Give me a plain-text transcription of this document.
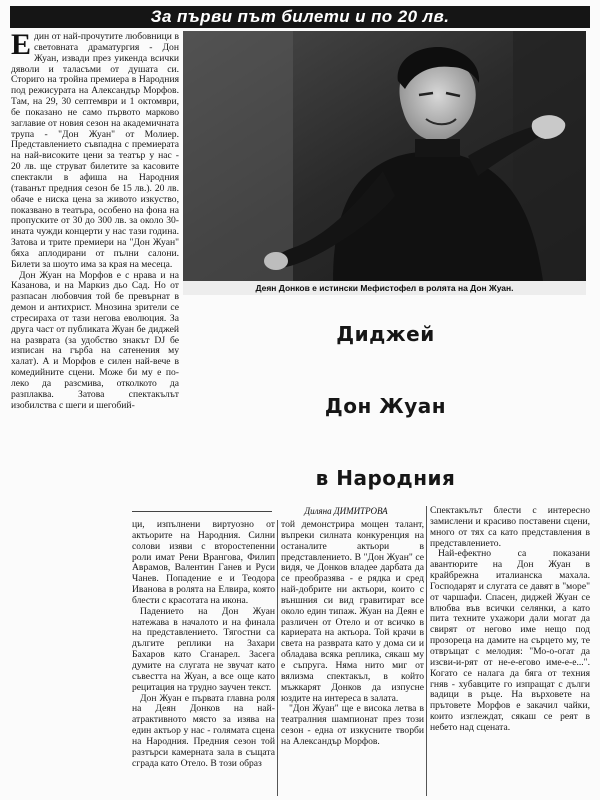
За първи път билети и по 20 лв.
Е дин от най-прочутите любовници в световната драматургия - Дон Жуан, извади през уикенда всички дяволи и таласъми от душата си. Сториго на тройна премиера в Народния под режисурата на Александър Морфов. Там, на 29, 30 септември и 1 октомври, бе показано не само първото марково заглавие от новия сезон на академичната трупа - "Дон Жуан" от Молиер. Представлението съвпадна с премиерата на най-високите цени за театър у нас - 20 лв. ще струват билетите за касовите спектакли в афиша на Народния (таванът предния сезон бе 15 лв.). 20 лв. обаче е ниска цена за живото изкуство, показвано в театъра, особено на фона на пропуските от 30 до 300 лв. за около 30-ината чужди концерти у нас тази година. Затова и трите премиери на "Дон Жуан" бяха аплодирани от пълни салони. Билети за шоуто има за края на месеца.

Дон Жуан на Морфов е с нрава и на Казанова, и на Маркиз дьо Сад. Но от разпасан любовчия той бе превърнат в демон и антихрист. Мнозина зрители се стресираха от тази негова еволюция. За друга част от публиката Жуан бе диджей на разврата (за удобство знакът DJ бе изписан на гърба на сатенения му халат). А и Морфов е силен най-вече в комедийните сцени. Може би му е по-леко да разсмива, отколкото да разплаква. Затова спектакълът изобилства с шеги и шегобий-

Деян Донков е истински Мефистофел в ролята на Дон Жуан.
Диджей
Дон Жуан
в Народния
Диляна ДИМИТРОВА

ци, изпълнени виртуозно от актьорите на Народния. Силни солови изяви с второстепенни роли имат Рени Врангова, Филип Аврамов, Валентин Ганев и Руси Чанев. Попадение е и Теодора Иванова в ролята на Елвира, която блести с красотата на икона.

Падението на Дон Жуан натежава в началото и на финала на представлението. Тягостни са дългите реплики на Захари Бахаров като Сганарел. Засега думите на слугата не звучат като съвестта на Жуан, а все още като рецитация на трудно заучен текст.

Дон Жуан е първата главна роля на Деян Донков на най-атрактивното място за изява на един актьор у нас - голямата сцена на Народния. Предния сезон той разтърси камерната зала в същата сграда като Отело. В този образ

той демонстрира мощен талант, въпреки силната конкуренция на останалите актьори в представлението. В "Дон Жуан" се видя, че Донков владее дарбата да се преобразява - е рядка и сред най-добрите ни актьори, които с външния си вид гравитират все около един типаж. Жуан на Деян е различен от Отело и от всичко в кариерата на актьора. Той крачи в света на разврата като у дома си и обладава всяка реплика, сякаш му е съпруга. Няма нито миг от вялизма спектакъл, в който мъжкарят Донков да изпусне юздите на интереса в залата.

"Дон Жуан" ще е висока летва в театралния шампионат през този сезон - една от изкусните творби на Александър Морфов.

Спектакълът блести с интересно замислени и красиво поставени сцени, много от тях са като представления в представлението.

Най-ефектно са показани авантюрите на Дон Жуан в крайбрежна италианска махала. Господарят и слугата се давят в "море" от чаршафи. Спасен, диджей Жуан се влюбва във всички селянки, а като пита техните ухажори дали могат да свирят от негово име нещо под прозореца на дамите на сърцето му, те отвръщат с мелодия: "Мо-о-огат да изсви-и-рят от не-е-егово име-е-е...". Когато се налага да бяга от техния гняв - хубавците го изпращат с дълги вадици в ръце. На върховете на прътовете Морфов е закачил чайки, които изглеждат, сякаш се реят в небето над сцената.
